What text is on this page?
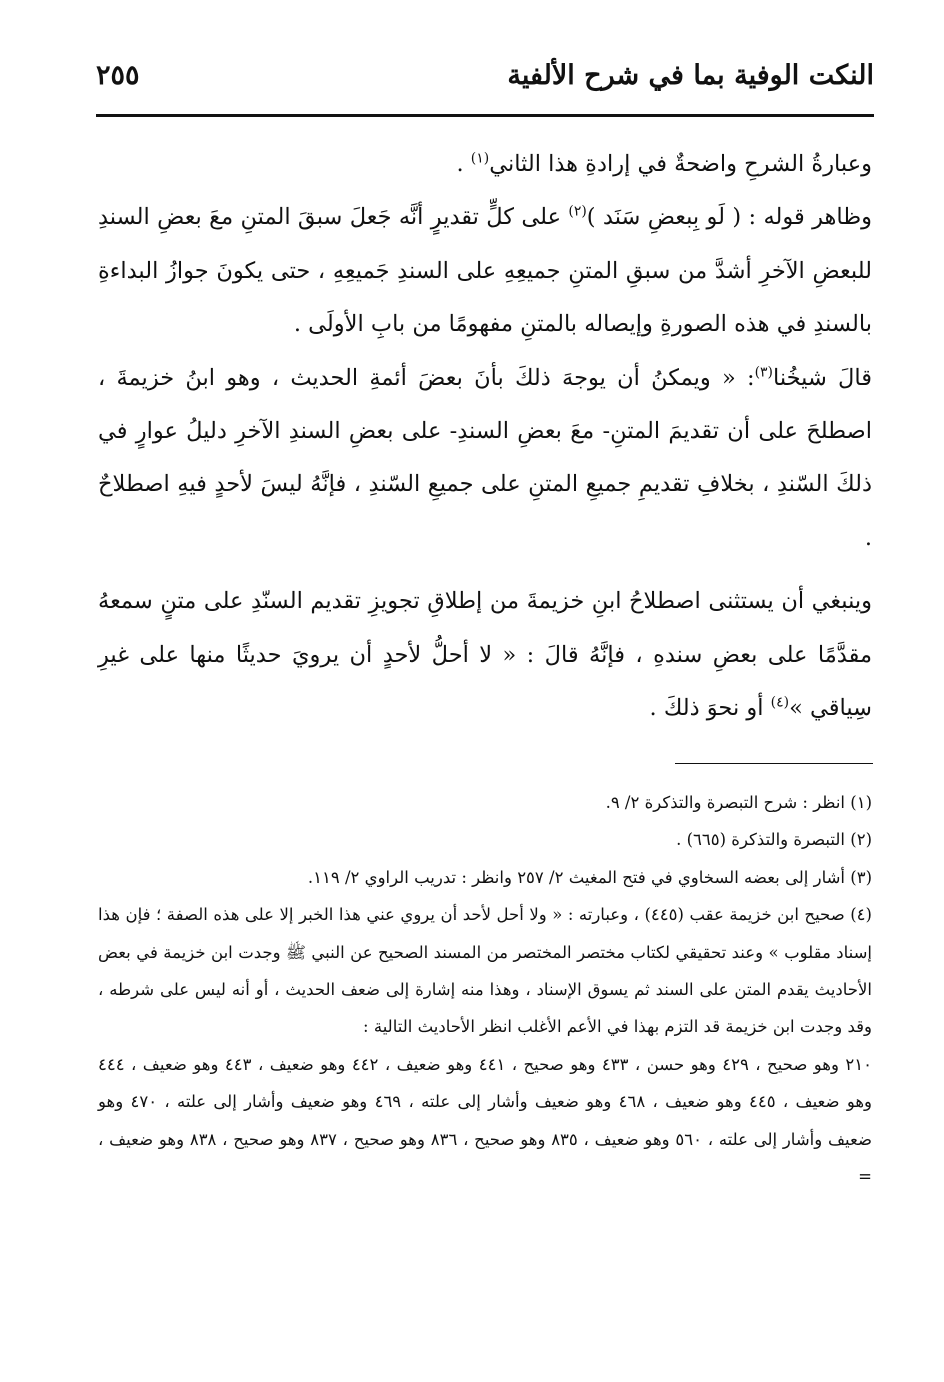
النكت الوفية بما في شرح الألفية
٢٥٥

وعبارةُ الشرحِ واضحةٌ في إرادةِ هذا الثاني$^{(١)}$ .

وظاهر قوله : ( لَو بِبعضِ سَنَد )$^{(٢)}$ على كلٍّ تقديرٍ أنَّه جَعلَ سبقَ المتنِ معَ بعضِ السندِ للبعضِ الآخرِ أشدَّ من سبقِ المتنِ جميعِهِ على السندِ جَميعِهِ ، حتى يكونَ جوازُ البداءةِ بالسندِ في هذه الصورةِ وإيصاله بالمتنِ مفهومًا من بابِ الأولَى .

قالَ شيخُنا$^{(٣)}$: « ويمكنُ أن يوجهَ ذلكَ بأنَ بعضَ أئمةِ الحديث ، وهو ابنُ خزيمةَ ، اصطلحَ على أن تقديمَ المتنِ- معَ بعضِ السندِ- على بعضِ السندِ الآخرِ دليلُ عوارٍ في ذلكَ السّندِ ، بخلافِ تقديمِ جميعِ المتنِ على جميعِ السّندِ ، فإنَّهُ ليسَ لأحدٍ فيهِ اصطلاحٌ .

وينبغي أن يستثنى اصطلاحُ ابنِ خزيمةَ من إطلاقِ تجويزِ تقديم السنّدِ على متنٍ سمعهُ مقدَّمًا على بعضِ سندهِ ، فإنَّهُ قالَ : « لا أحلُّ لأحدٍ أن يرويَ حديثًا منها على غيرِ سِياقي »$^{(٤)}$ أو نحوَ ذلكَ .

(١) انظر : شرح التبصرة والتذكرة ٢/ ٩.

(٢) التبصرة والتذكرة (٦٦٥) .

(٣) أشار إلى بعضه السخاوي في فتح المغيث ٢/ ٢٥٧ وانظر : تدريب الراوي ٢/ ١١٩.

(٤) صحيح ابن خزيمة عقب (٤٤٥) ، وعبارته : « ولا أحل لأحد أن يروي عني هذا الخبر إلا على هذه الصفة ؛ فإن هذا إسناد مقلوب » وعند تحقيقي لكتاب مختصر المختصر من المسند الصحيح عن النبي ﷺ وجدت ابن خزيمة في بعض الأحاديث يقدم المتن على السند ثم يسوق الإسناد ، وهذا منه إشارة إلى ضعف الحديث ، أو أنه ليس على شرطه ، وقد وجدت ابن خزيمة قد التزم بهذا في الأعم الأغلب انظر الأحاديث التالية :

٢١٠ وهو صحيح ، ٤٢٩ وهو حسن ، ٤٣٣ وهو صحيح ، ٤٤١ وهو ضعيف ، ٤٤٢ وهو ضعيف ، ٤٤٣ وهو ضعيف ، ٤٤٤ وهو ضعيف ، ٤٤٥ وهو ضعيف ، ٤٦٨ وهو ضعيف وأشار إلى علته ، ٤٦٩ وهو ضعيف وأشار إلى علته ، ٤٧٠ وهو ضعيف وأشار إلى علته ، ٥٦٠ وهو ضعيف ، ٨٣٥ وهو صحيح ، ٨٣٦ وهو صحيح ، ٨٣٧ وهو صحيح ، ٨٣٨ وهو ضعيف ، =
